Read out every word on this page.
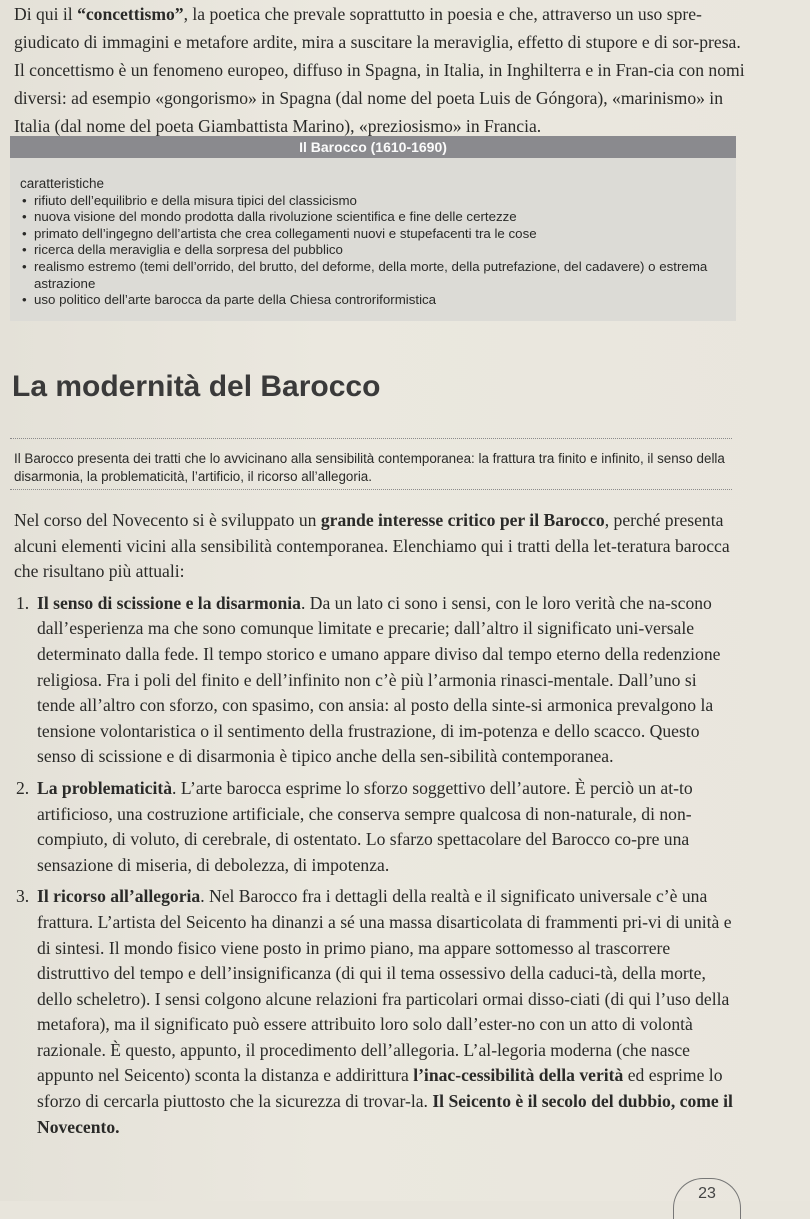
Di qui il “concettismo”, la poetica che prevale soprattutto in poesia e che, attraverso un uso spre-giudicato di immagini e metafore ardite, mira a suscitare la meraviglia, effetto di stupore e di sor-presa. Il concettismo è un fenomeno europeo, diffuso in Spagna, in Italia, in Inghilterra e in Fran-cia con nomi diversi: ad esempio «gongorismo» in Spagna (dal nome del poeta Luis de Góngora), «marinismo» in Italia (dal nome del poeta Giambattista Marino), «preziosismo» in Francia.

Il Barocco (1610-1690)
caratteristiche
• rifiuto dell’equilibrio e della misura tipici del classicismo
• nuova visione del mondo prodotta dalla rivoluzione scientifica e fine delle certezze
• primato dell’ingegno dell’artista che crea collegamenti nuovi e stupefacenti tra le cose
• ricerca della meraviglia e della sorpresa del pubblico
• realismo estremo (temi dell’orrido, del brutto, del deforme, della morte, della putrefazione, del cadavere) o estrema astrazione
• uso politico dell’arte barocca da parte della Chiesa controriformistica
La modernità del Barocco
Il Barocco presenta dei tratti che lo avvicinano alla sensibilità contemporanea: la frattura tra finito e infinito, il senso della disarmonia, la problematicità, l’artificio, il ricorso all’allegoria.

Nel corso del Novecento si è sviluppato un grande interesse critico per il Barocco, perché presenta alcuni elementi vicini alla sensibilità contemporanea. Elenchiamo qui i tratti della let-teratura barocca che risultano più attuali:

1. Il senso di scissione e la disarmonia. Da un lato ci sono i sensi, con le loro verità che na-scono dall’esperienza ma che sono comunque limitate e precarie; dall’altro il significato uni-versale determinato dalla fede. Il tempo storico e umano appare diviso dal tempo eterno della redenzione religiosa. Fra i poli del finito e dell’infinito non c’è più l’armonia rinasci-mentale. Dall’uno si tende all’altro con sforzo, con spasimo, con ansia: al posto della sinte-si armonica prevalgono la tensione volontaristica o il sentimento della frustrazione, di im-potenza e dello scacco. Questo senso di scissione e di disarmonia è tipico anche della sen-sibilità contemporanea.
2. La problematicità. L’arte barocca esprime lo sforzo soggettivo dell’autore. È perciò un at-to artificioso, una costruzione artificiale, che conserva sempre qualcosa di non-naturale, di non-compiuto, di voluto, di cerebrale, di ostentato. Lo sfarzo spettacolare del Barocco co-pre una sensazione di miseria, di debolezza, di impotenza.
3. Il ricorso all’allegoria. Nel Barocco fra i dettagli della realtà e il significato universale c’è una frattura. L’artista del Seicento ha dinanzi a sé una massa disarticolata di frammenti pri-vi di unità e di sintesi. Il mondo fisico viene posto in primo piano, ma appare sottomesso al trascorrere distruttivo del tempo e dell’insignificanza (di qui il tema ossessivo della caduci-tà, della morte, dello scheletro). I sensi colgono alcune relazioni fra particolari ormai disso-ciati (di qui l’uso della metafora), ma il significato può essere attribuito loro solo dall’ester-no con un atto di volontà razionale. È questo, appunto, il procedimento dell’allegoria. L’al-legoria moderna (che nasce appunto nel Seicento) sconta la distanza e addirittura l’inac-cessibilità della verità ed esprime lo sforzo di cercarla piuttosto che la sicurezza di trovar-la. Il Seicento è il secolo del dubbio, come il Novecento.
23
